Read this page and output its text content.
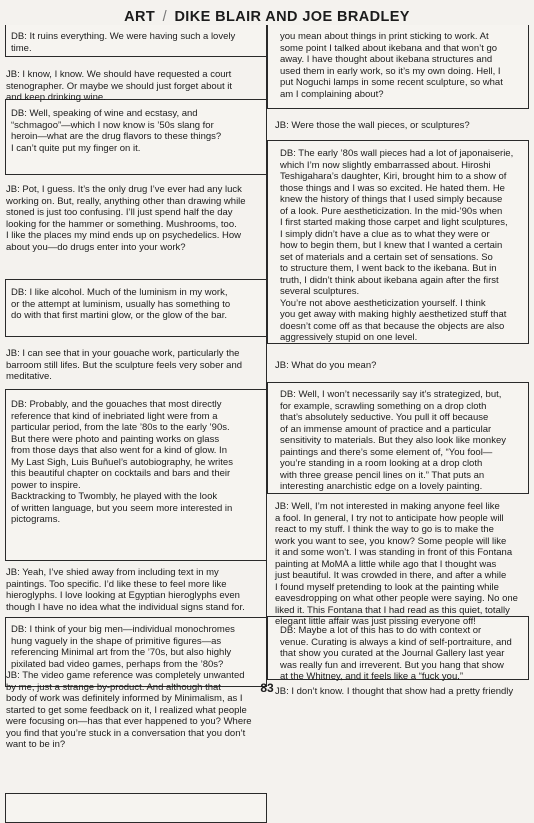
ART / DIKE BLAIR AND JOE BRADLEY

DB: It ruins everything. We were having such a lovely
time.

JB: I know, I know. We should have requested a court
stenographer. Or maybe we should just forget about it
and keep drinking wine.

DB: Well, speaking of wine and ecstasy, and
“schmagoo”—which I now know is ’50s slang for
heroin—what are the drug flavors to these things?
I can’t quite put my finger on it.

JB: Pot, I guess. It’s the only drug I’ve ever had any luck
working on. But, really, anything other than drawing while
stoned is just too confusing. I’ll just spend half the day
looking for the hammer or something. Mushrooms, too.
I like the places my mind ends up on psychedelics. How
about you—do drugs enter into your work?

DB: I like alcohol. Much of the luminism in my work,
or the attempt at luminism, usually has something to
do with that first martini glow, or the glow of the bar.

JB: I can see that in your gouache work, particularly the
barroom still lifes. But the sculpture feels very sober and
meditative.

DB: Probably, and the gouaches that most directly
reference that kind of inebriated light were from a
particular period, from the late ’80s to the early ’90s.
But there were photo and painting works on glass
from those days that also went for a kind of glow. In
My Last Sigh, Luis Buñuel’s autobiography, he writes
this beautiful chapter on cocktails and bars and their
power to inspire.
Backtracking to Twombly, he played with the look
of written language, but you seem more interested in
pictograms.

JB: Yeah, I’ve shied away from including text in my
paintings. Too specific. I’d like these to feel more like
hieroglyphs. I love looking at Egyptian hieroglyphs even
though I have no idea what the individual signs stand for.

DB: I think of your big men—individual monochromes
hung vaguely in the shape of primitive figures—as
referencing Minimal art from the ’70s, but also highly
pixilated bad video games, perhaps from the ’80s?

JB: The video game reference was completely unwanted
by me, just a strange by-product. And although that
body of work was definitely informed by Minimalism, as I
started to get some feedback on it, I realized what people
were focusing on—has that ever happened to you? Where
you find that you’re stuck in a conversation that you don’t
want to be in?

you mean about things in print sticking to work. At
some point I talked about ikebana and that won’t go
away. I have thought about ikebana structures and
used them in early work, so it’s my own doing. Hell, I
put Noguchi lamps in some recent sculpture, so what
am I complaining about?

JB: Were those the wall pieces, or sculptures?

DB: The early ’80s wall pieces had a lot of japonaiserie,
which I’m now slightly embarrassed about. Hiroshi
Teshigahara’s daughter, Kiri, brought him to a show of
those things and I was so excited. He hated them. He
knew the history of things that I used simply because
of a look. Pure aestheticization. In the mid-’90s when
I first started making those carpet and light sculptures,
I simply didn’t have a clue as to what they were or
how to begin them, but I knew that I wanted a certain
set of materials and a certain set of sensations. So
to structure them, I went back to the ikebana. But in
truth, I didn’t think about ikebana again after the first
several sculptures.
You’re not above aestheticization yourself. I think
you get away with making highly aesthetized stuff that
doesn’t come off as that because the objects are also
aggressively stupid on one level.

JB: What do you mean?

DB: Well, I won’t necessarily say it’s strategized, but,
for example, scrawling something on a drop cloth
that’s absolutely seductive. You pull it off because
of an immense amount of practice and a particular
sensitivity to materials. But they also look like monkey
paintings and there’s some element of, “You fool—
you’re standing in a room looking at a drop cloth
with three grease pencil lines on it.” That puts an
interesting anarchistic edge on a lovely painting.

JB: Well, I’m not interested in making anyone feel like
a fool. In general, I try not to anticipate how people will
react to my stuff. I think the way to go is to make the
work you want to see, you know? Some people will like
it and some won’t. I was standing in front of this Fontana
painting at MoMA a little while ago that I thought was
just beautiful. It was crowded in there, and after a while
I found myself pretending to look at the painting while
eavesdropping on what other people were saying. No one
liked it. This Fontana that I had read as this quiet, totally
elegant little affair was just pissing everyone off!

DB: Maybe a lot of this has to do with context or
venue. Curating is always a kind of self-portraiture, and
that show you curated at the Journal Gallery last year
was really fun and irreverent. But you hang that show
at the Whitney, and it feels like a “fuck you.”

JB: I don’t know. I thought that show had a pretty friendly

83
